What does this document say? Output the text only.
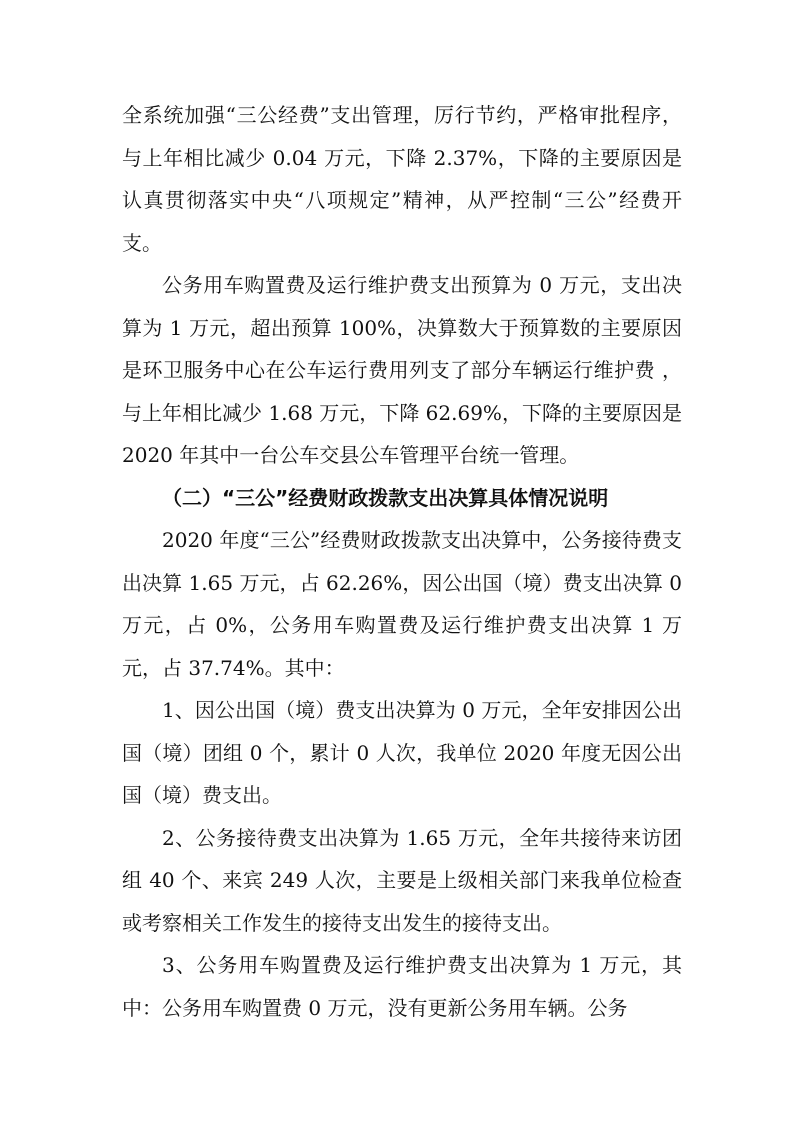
全系统加强“三公经费”支出管理，厉行节约，严格审批程序，与上年相比减少 0.04 万元，下降 2.37%，下降的主要原因是认真贯彻落实中央“八项规定”精神，从严控制“三公”经费开支。

公务用车购置费及运行维护费支出预算为 0 万元，支出决算为 1 万元，超出预算 100%，决算数大于预算数的主要原因是环卫服务中心在公车运行费用列支了部分车辆运行维护费 ，与上年相比减少 1.68 万元，下降 62.69%，下降的主要原因是 2020 年其中一台公车交县公车管理平台统一管理。

（二）“三公”经费财政拨款支出决算具体情况说明

2020 年度“三公”经费财政拨款支出决算中，公务接待费支出决算 1.65 万元，占 62.26%，因公出国（境）费支出决算 0 万元，占 0%，公务用车购置费及运行维护费支出决算 1 万元，占 37.74%。其中：

1、因公出国（境）费支出决算为 0 万元，全年安排因公出国（境）团组 0 个，累计 0 人次，我单位 2020 年度无因公出国（境）费支出。

2、公务接待费支出决算为 1.65 万元，全年共接待来访团组 40 个、来宾 249 人次，主要是上级相关部门来我单位检查或考察相关工作发生的接待支出发生的接待支出。

3、公务用车购置费及运行维护费支出决算为 1 万元，其中：公务用车购置费 0 万元，没有更新公务用车辆。公务
